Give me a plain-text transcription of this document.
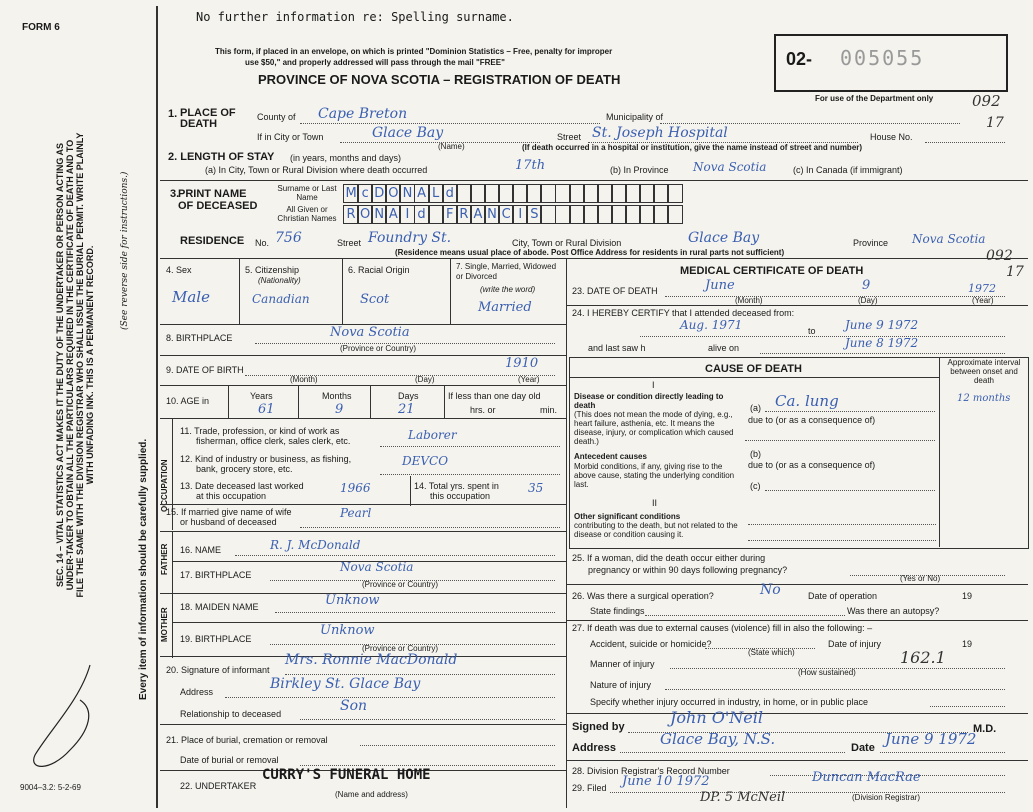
FORM 6
No further information re: Spelling surname.
This form, if placed in an envelope, on which is printed "Dominion Statistics – Free, penalty for improper
use $50," and properly addressed will pass through the mail "FREE"
PROVINCE OF NOVA SCOTIA – REGISTRATION OF DEATH
02- 005055
For use of the Department only	092
1. PLACE OF DEATH
County of Cape Breton	Municipality of	17
If in City or Town	Glace Bay
(Name)
Street St. Joseph Hospital	House No.
(If death occurred in a hospital or institution, give the name instead of street and number)
2. LENGTH OF STAY (in years, months and days)
(a) In City, Town or Rural Division where death occurred	17th	(b) In Province Nova Scotia	(c) In Canada (if immigrant)
3.
PRINT NAME OF DECEASED
Surname or Last Name
All Given or Christian Names
M c D O N A L d
R O N A I d	F R A N C I S
RESIDENCE No. 756	Street Foundry St.	City, Town or Rural Division	Glace Bay	Province Nova Scotia
(Residence means usual place of abode. Post Office Address for residents in rural parts not sufficient)	092
17
4. Sex
Male
5. Citizenship
(Nationality)
Canadian
6. Racial Origin
Scot
7. Single, Married, Widowed or Divorced
(write the word)
Married
8. BIRTHPLACE	Nova Scotia
(Province or Country)
9. DATE OF BIRTH	1910
(Month)	(Day)	(Year)
10. AGE in	Years
61
Months
9
Days
21
If less than one day old
hrs. or	min.
OCCUPATION
11. Trade, profession, or kind of work as
fisherman, office clerk, sales clerk, etc.	Laborer
12. Kind of industry or business, as fishing,
bank, grocery store, etc.
DEVCO
13. Date deceased last worked
at this occupation
1966	14. Total yrs. spent in
this occupation
35
15. If married give name of wife
or husband of deceased
Pearl
FATHER 16. NAME	R. J. McDonald
17. BIRTHPLACE
Nova Scotia
(Province or Country)
MOTHER
18. MAIDEN NAME	Unknow
19. BIRTHPLACE
Unknow
(Province or Country)
20. Signature of informant
Mrs. Ronnie MacDonald
Address	Birkley St. Glace Bay
Relationship to deceased	Son
21. Place of burial, cremation or removal
Date of burial or removal
22. UNDERTAKER
CURRY'S FUNERAL HOME
(Name and address)
MEDICAL CERTIFICATE OF DEATH
23. DATE OF DEATH	June	9	1972
(Month)	(Day)	(Year)
24. I HEREBY CERTIFY that I attended deceased from:
Aug. 1971	to June 9 1972
and last saw h	alive on	June 8 1972
CAUSE OF DEATH
Approximate interval between onset and death
12 months
I
Disease or condition directly leading to death
(This does not mean the mode of dying, e.g., heart failure, asthenia, etc. It means the disease, injury, or complication which caused death.)
(a) Ca. lung
due to (or as a consequence of)
Antecedent causes
Morbid conditions, if any, giving rise to the above cause, stating the underlying condition last.
(b)
due to (or as a consequence of)
(c)
II
Other significant conditions
contributing to the death, but not related to the disease or condition causing it.
25. If a woman, did the death occur either during
pregnancy or within 90 days following pregnancy?
(Yes or No)
26. Was there a surgical operation?	No	Date of operation	19
State findings	Was there an autopsy?
27. If death was due to external causes (violence) fill in also the following: –
Accident, suicide or homicide?
(State which)
Date of injury	19
Manner of injury	162.1
(How sustained)
Nature of injury
Specify whether injury occurred in industry, in home, or in public place
Signed by	John O'Neil
M.D.
Address	Glace Bay, N.S.	Date June 9 1972
28. Division Registrar's Record Number
29. Filed June 10 1972	Duncan MacRae
(Division Registrar)
DP. 5 McNeil
SEC. 14 – VITAL STATISTICS ACT MAKES IT THE DUTY OF THE UNDERTAKER OR PERSON ACTING AS UNDER-TAKER TO OBTAIN ALL THE PARTICULARS REQUIRED IN THE CERTIFICATE OF DEATH AND TO FILE THE SAME WITH THE DIVISION REGISTRAR WHO SHALL ISSUE THE BURIAL PERMIT. WRITE PLAINLY WITH UNFADING INK. THIS IS A PERMANENT RECORD.	(See reverse side for instructions.)
Every item of information should be carefully supplied.
9004–3.2: 5-2-69
